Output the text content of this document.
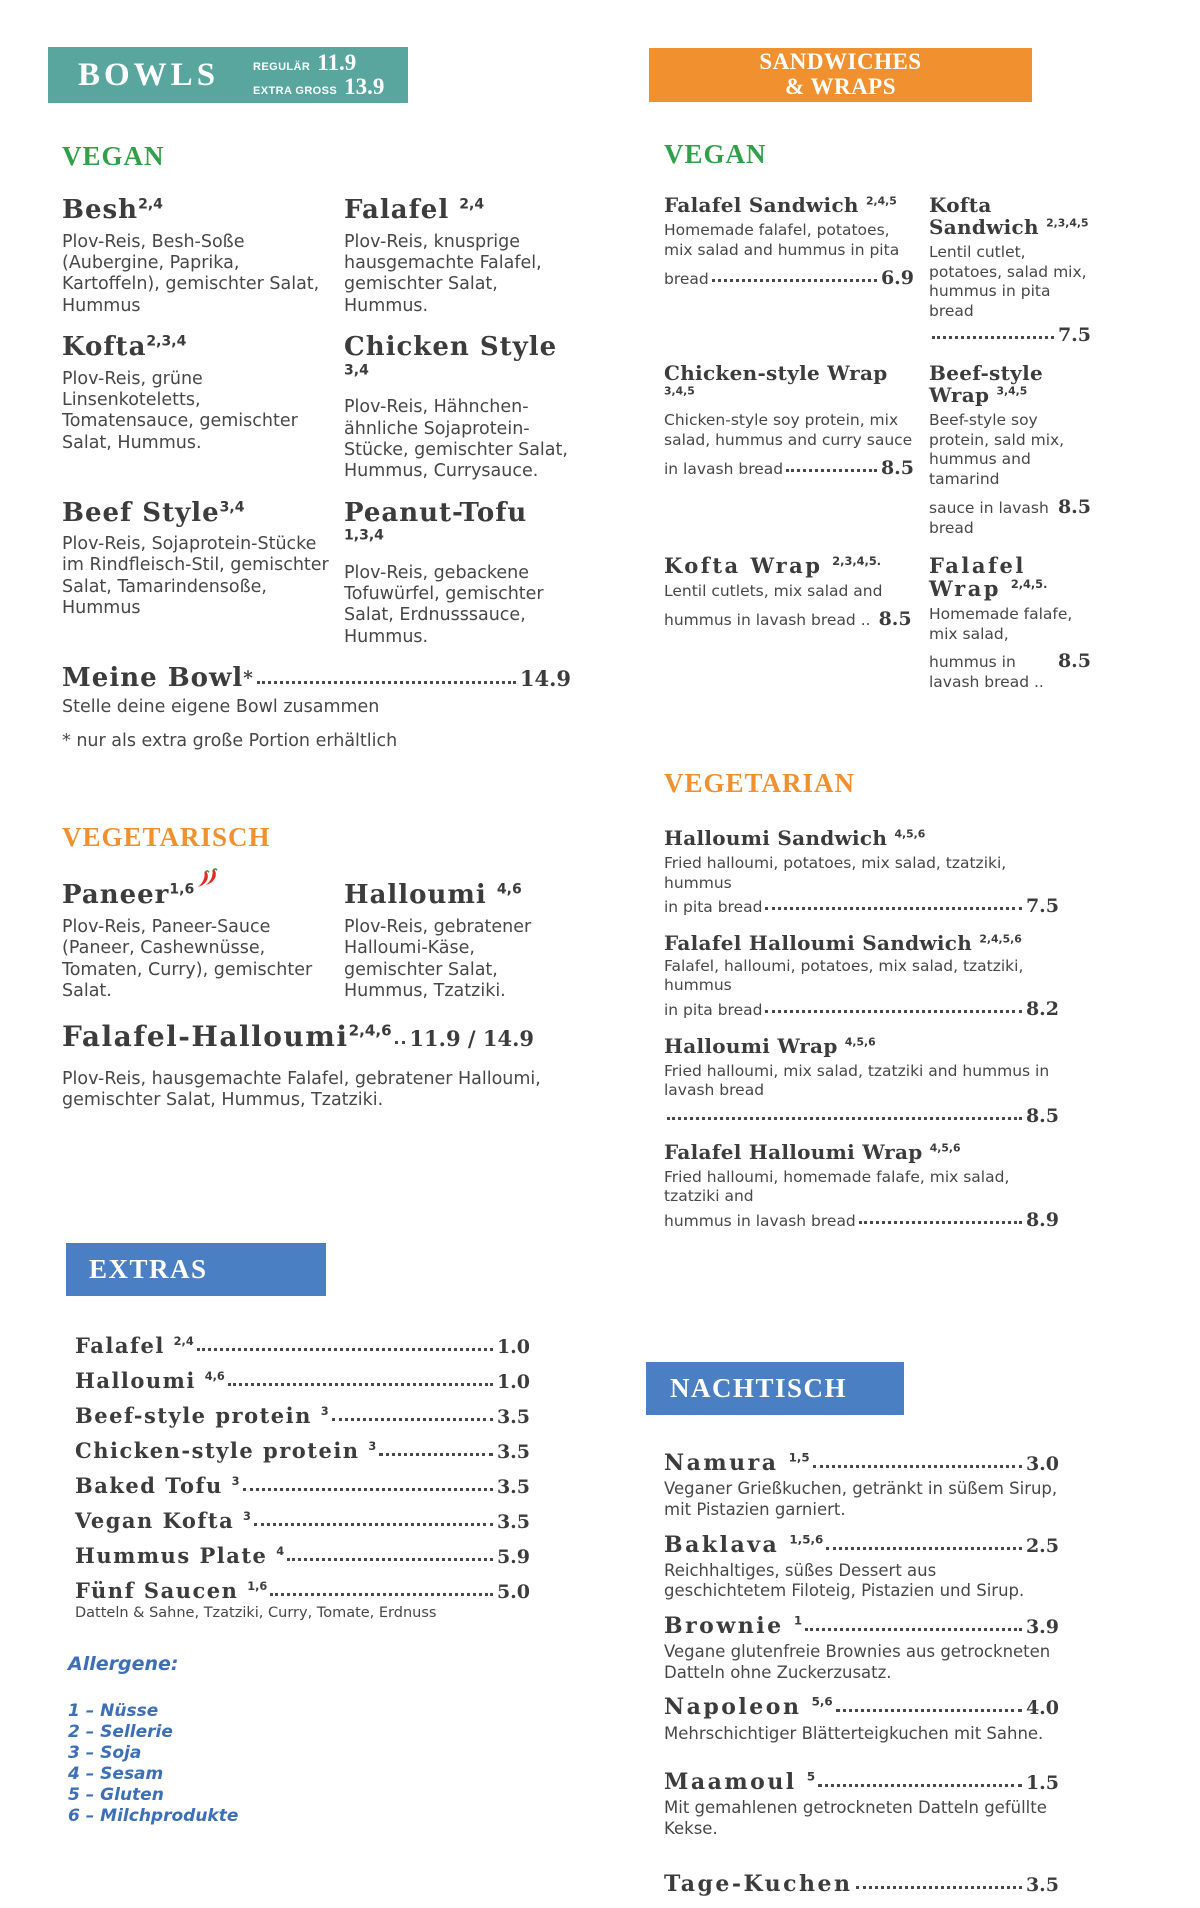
BOWLS	REGULÄR 11.9
EXTRA GROSS 13.9
VEGAN
Besh$^{2,4}$
Plov-Reis, Besh-Soße (Aubergine, Paprika, Kartoffeln), gemischter Salat, Hummus
Falafel $^{2,4}$
Plov-Reis, knusprige hausgemachte Falafel, gemischter Salat, Hummus.
Kofta$^{2,3,4}$
Plov-Reis, grüne Linsenkoteletts, Tomatensauce, gemischter Salat, Hummus.
Chicken Style $^{3,4}$
Plov-Reis, Hähnchen-ähnliche Sojaprotein-Stücke, gemischter Salat, Hummus, Currysauce.
Beef Style$^{3,4}$
Plov-Reis, Sojaprotein-Stücke im Rindfleisch-Stil, gemischter Salat, Tamarindensoße, Hummus
Peanut-Tofu $^{1,3,4}$
Plov-Reis, gebackene Tofuwürfel, gemischter Salat, Erdnusssauce, Hummus.
Meine Bowl*	14.9
Stelle deine eigene Bowl zusammen
* nur als extra große Portion erhältlich
VEGETARISCH
Paneer$^{1,6}$
Plov-Reis, Paneer-Sauce (Paneer, Cashewnüsse, Tomaten, Curry), gemischter Salat.
Halloumi $^{4,6}$
Plov-Reis, gebratener Halloumi-Käse, gemischter Salat, Hummus, Tzatziki.
Falafel-Halloumi$^{2,4,6}$ 11.9 / 14.9
Plov-Reis, hausgemachte Falafel, gebratener Halloumi, gemischter Salat, Hummus, Tzatziki.
EXTRAS
Falafel $^{2,4}$	1.0
Halloumi $^{4,6}$	1.0
Beef-style protein $^3$	3.5
Chicken-style protein $^3$	3.5
Baked Tofu $^3$	3.5
Vegan Kofta $^3$	3.5
Hummus Plate $^4$	5.9
Fünf Saucen $^{1,6}$	5.0
Datteln & Sahne, Tzatziki, Curry, Tomate, Erdnuss
Allergene:
1 – Nüsse
2 – Sellerie
3 – Soja
4 – Sesam
5 – Gluten
6 – Milchprodukte
SANDWICHES
& WRAPS
VEGAN
Falafel Sandwich $^{2,4,5}$
Homemade falafel, potatoes, mix salad and hummus in pita
bread	6.9
Kofta Sandwich $^{2,3,4,5}$
Lentil cutlet, potatoes, salad mix, hummus in pita bread
7.5
Chicken-style Wrap $^{3,4,5}$
Chicken-style soy protein, mix salad, hummus and curry sauce
in lavash bread	8.5
Beef-style Wrap $^{3,4,5}$
Beef-style soy protein, sald mix, hummus and tamarind
sauce in lavash bread
8.5
Kofta Wrap $^{2,3,4,5.}$
Lentil cutlets, mix salad and
hummus in lavash bread .. 8.5
Falafel Wrap $^{2,4,5.}$
Homemade falafe, mix salad,
hummus in lavash bread ..
8.5
VEGETARIAN
Halloumi Sandwich $^{4,5,6}$
Fried halloumi, potatoes, mix salad, tzatziki, hummus
in pita bread	7.5
Falafel Halloumi Sandwich $^{2,4,5,6}$
Falafel, halloumi, potatoes, mix salad, tzatziki, hummus
in pita bread	8.2
Halloumi Wrap $^{4,5,6}$
Fried halloumi, mix salad, tzatziki and hummus in lavash bread
8.5
Falafel Halloumi Wrap $^{4,5,6}$
Fried halloumi, homemade falafe, mix salad, tzatziki and
hummus in lavash bread	8.9
NACHTISCH
Namura $^{1,5}$	3.0
Veganer Grießkuchen, getränkt in süßem Sirup, mit Pistazien garniert.
Baklava $^{1,5,6}$	2.5
Reichhaltiges, süßes Dessert aus geschichtetem Filoteig, Pistazien und Sirup.
Brownie $^1$	3.9
Vegane glutenfreie Brownies aus getrockneten Datteln ohne Zuckerzusatz.
Napoleon $^{5,6}$	4.0
Mehrschichtiger Blätterteigkuchen mit Sahne.
Maamoul $^5$	1.5
Mit gemahlenen getrockneten Datteln gefüllte Kekse.
Tage-Kuchen	3.5
